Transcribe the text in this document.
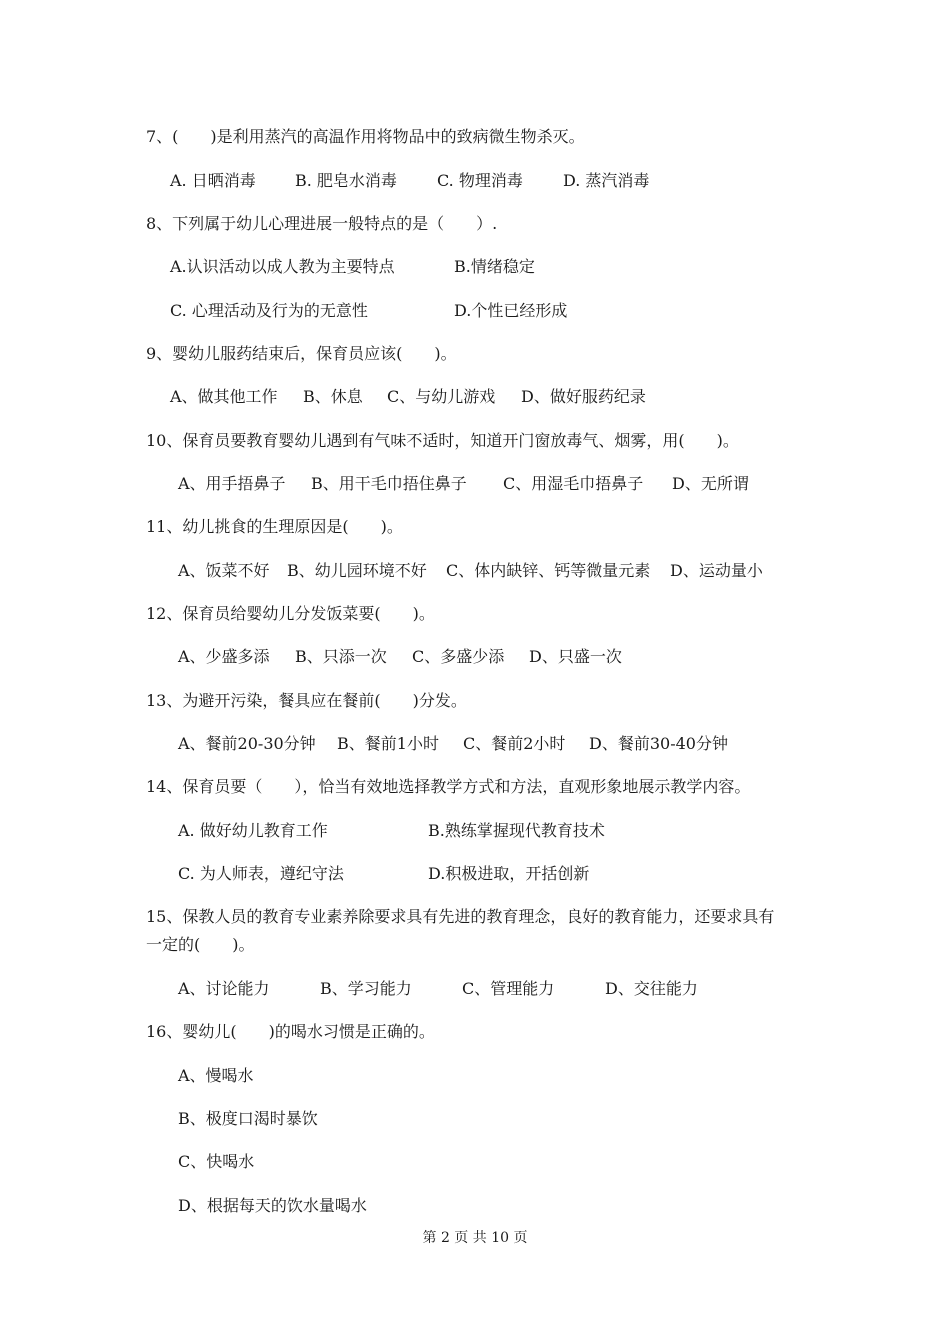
7、(　　)是利用蒸汽的高温作用将物品中的致病微生物杀灭。
A. 日晒消毒 B. 肥皂水消毒	C. 物理消毒	D. 蒸汽消毒
8、下列属于幼儿心理进展一般特点的是（　　）.
A.认识活动以成人教为主要特点	B.情绪稳定
C. 心理活动及行为的无意性	D.个性已经形成
9、婴幼儿服药结束后，保育员应该(　　)。
A、做其他工作 B、休息 C、与幼儿游戏 D、做好服药纪录
10、保育员要教育婴幼儿遇到有气味不适时，知道开门窗放毒气、烟雾，用(　　)。
A、用手捂鼻子 B、用干毛巾捂住鼻子 C、用湿毛巾捂鼻子 D、无所谓
11、幼儿挑食的生理原因是(　　)。
A、饭菜不好 B、幼儿园环境不好 C、体内缺锌、钙等微量元素 D、运动量小
12、保育员给婴幼儿分发饭菜要(　　)。
A、少盛多添 B、只添一次 C、多盛少添 D、只盛一次
13、为避开污染，餐具应在餐前(　　)分发。
A、餐前20-30分钟 B、餐前1小时 C、餐前2小时 D、餐前30-40分钟
14、保育员要（　　），恰当有效地选择教学方式和方法，直观形象地展示教学内容。
A. 做好幼儿教育工作	B.熟练掌握现代教育技术
C. 为人师表，遵纪守法	D.积极进取，开括创新
15、保教人员的教育专业素养除要求具有先进的教育理念，良好的教育能力，还要求具有
一定的(　　)。
A、讨论能力	B、学习能力	C、管理能力	D、交往能力
16、婴幼儿(　　)的喝水习惯是正确的。
A、慢喝水
B、极度口渴时暴饮
C、快喝水
D、根据每天的饮水量喝水
第 2 页 共 10 页
